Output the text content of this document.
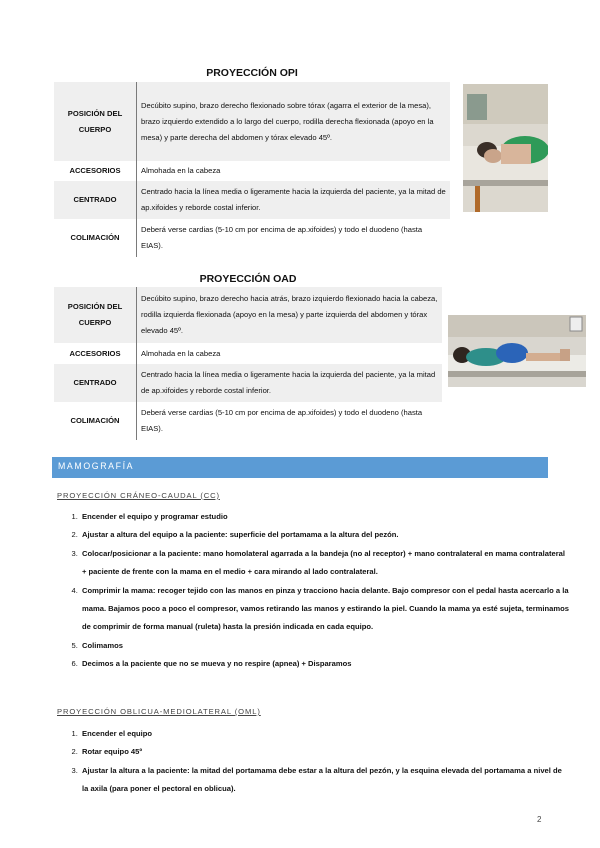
PROYECCIÓN OPI
POSICIÓN DEL CUERPO	Decúbito supino, brazo derecho flexionado sobre tórax (agarra el exterior de la mesa), brazo izquierdo extendido a lo largo del cuerpo, rodilla derecha flexionada (apoyo en la mesa) y parte derecha del abdomen y tórax elevado 45º.
ACCESORIOS	Almohada en la cabeza
CENTRADO	Centrado hacia la línea media o ligeramente hacia la izquierda del paciente, ya la mitad de ap.xifoides y reborde costal inferior.
COLIMACIÓN	Deberá verse cardias (5-10 cm por encima de ap.xifoides) y todo el duodeno (hasta EIAS).
PROYECCIÓN OAD
POSICIÓN DEL CUERPO	Decúbito supino, brazo derecho hacia atrás, brazo izquierdo flexionado hacia la cabeza, rodilla izquierda flexionada (apoyo en la mesa) y parte izquierda del abdomen y tórax elevado 45º.
ACCESORIOS	Almohada en la cabeza
CENTRADO	Centrado hacia la línea media o ligeramente hacia la izquierda del paciente, ya la mitad de ap.xifoides y reborde costal inferior.
COLIMACIÓN	Deberá verse cardias (5-10 cm por encima de ap.xifoides) y todo el duodeno (hasta EIAS).
MAMOGRAFÍA
PROYECCIÓN CRÁNEO-CAUDAL (CC)
1. Encender el equipo y programar estudio
2. Ajustar a altura del equipo a la paciente: superficie del portamama a la altura del pezón.
3. Colocar/posicionar a la paciente: mano homolateral agarrada a la bandeja (no al receptor) + mano contralateral en mama contralateral + paciente de frente con la mama en el medio + cara mirando al lado contralateral.
4. Comprimir la mama: recoger tejido con las manos en pinza y tracciono hacia delante. Bajo compresor con el pedal hasta acercarlo a la mama. Bajamos poco a poco el compresor, vamos retirando las manos y estirando la piel. Cuando la mama ya esté sujeta, terminamos de comprimir de forma manual (ruleta) hasta la presión indicada en cada equipo.
5. Colimamos
6. Decimos a la paciente que no se mueva y no respire (apnea) + Disparamos
PROYECCIÓN OBLICUA-MEDIOLATERAL (OML)
1. Encender el equipo
2. Rotar equipo 45º
3. Ajustar la altura a la paciente: la mitad del portamama debe estar a la altura del pezón, y la esquina elevada del portamama a nivel de la axila (para poner el pectoral en oblicua).
2
